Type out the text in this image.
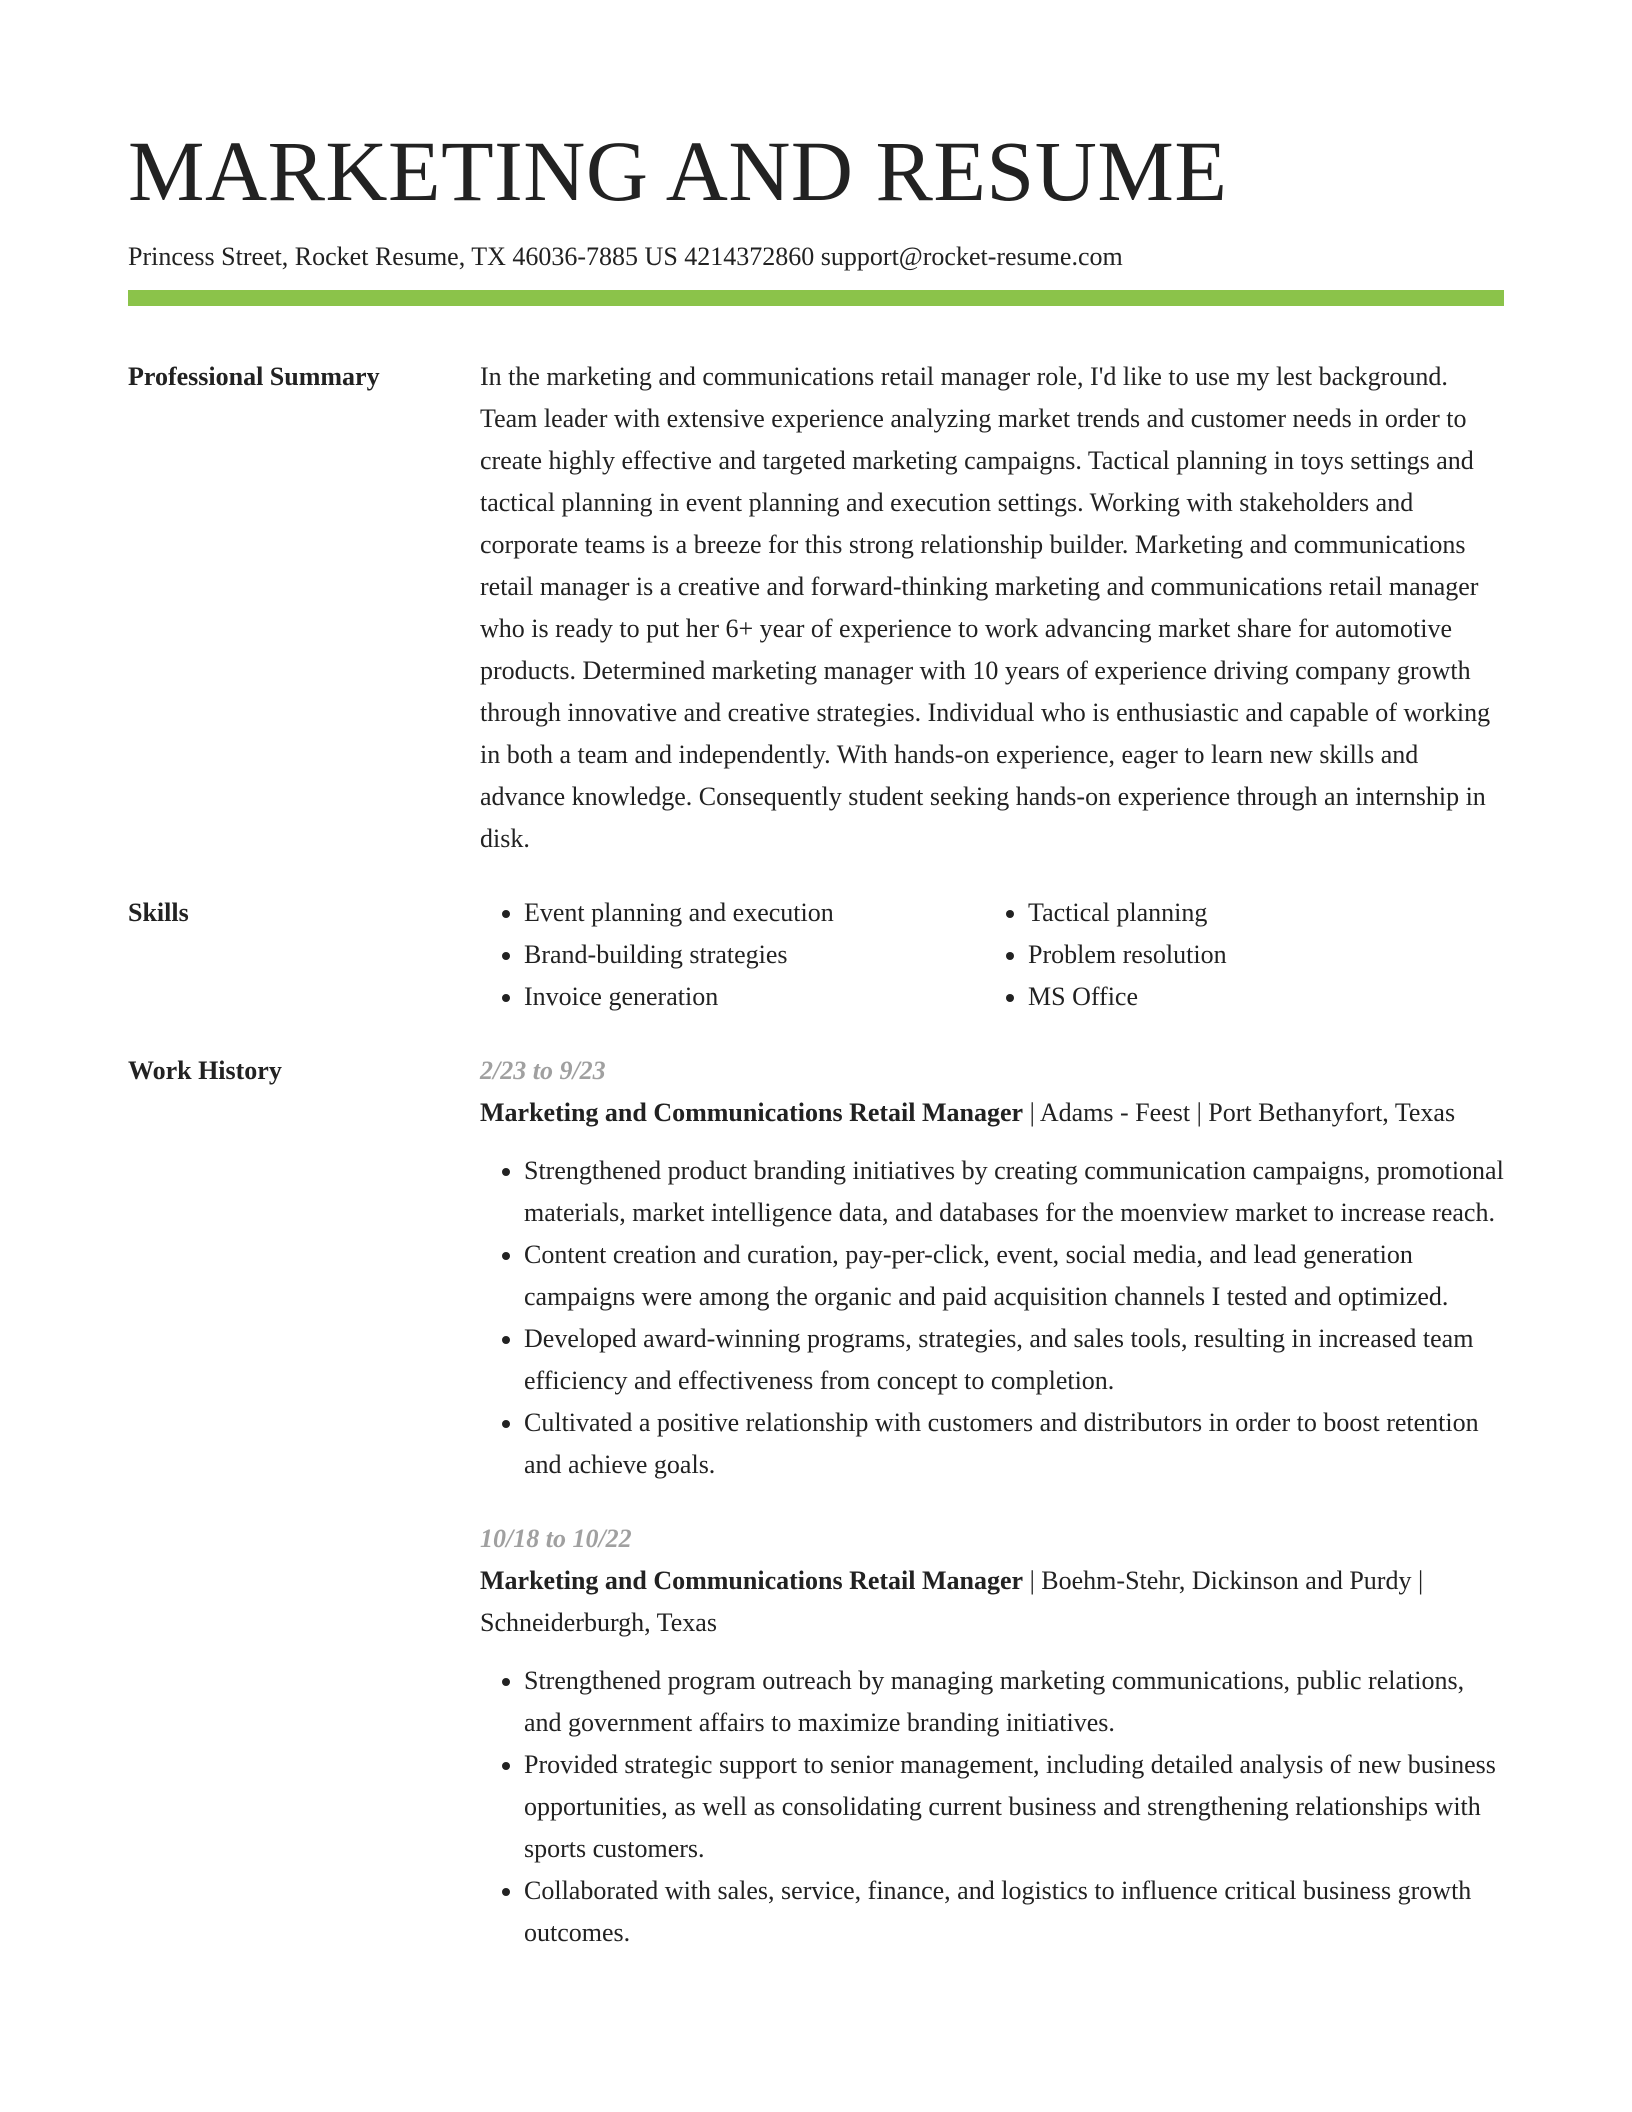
MARKETING AND RESUME
Princess Street, Rocket Resume, TX 46036-7885 US 4214372860 support@rocket-resume.com
Professional Summary	In the marketing and communications retail manager role, I'd like to use my lest background. Team leader with extensive experience analyzing market trends and customer needs in order to create highly effective and targeted marketing campaigns. Tactical planning in toys settings and tactical planning in event planning and execution settings. Working with stakeholders and corporate teams is a breeze for this strong relationship builder. Marketing and communications retail manager is a creative and forward-thinking marketing and communications retail manager who is ready to put her 6+ year of experience to work advancing market share for automotive products. Determined marketing manager with 10 years of experience driving company growth through innovative and creative strategies. Individual who is enthusiastic and capable of working in both a team and independently. With hands-on experience, eager to learn new skills and advance knowledge. Consequently student seeking hands-on experience through an internship in disk.
Skills
•	Event planning and execution
• Brand-building strategies
• Invoice generation
• Tactical planning
• Problem resolution
• MS Office
Work History	2/23 to 9/23
Marketing and Communications Retail Manager | Adams - Feest | Port Bethanyfort, Texas
• Strengthened product branding initiatives by creating communication campaigns, promotional materials, market intelligence data, and databases for the moenview market to increase reach.
• Content creation and curation, pay-per-click, event, social media, and lead generation campaigns were among the organic and paid acquisition channels I tested and optimized.
• Developed award-winning programs, strategies, and sales tools, resulting in increased team efficiency and effectiveness from concept to completion.
• Cultivated a positive relationship with customers and distributors in order to boost retention and achieve goals.
10/18 to 10/22
Marketing and Communications Retail Manager | Boehm-Stehr, Dickinson and Purdy | Schneiderburgh, Texas
• Strengthened program outreach by managing marketing communications, public relations, and government affairs to maximize branding initiatives.
• Provided strategic support to senior management, including detailed analysis of new business opportunities, as well as consolidating current business and strengthening relationships with sports customers.
• Collaborated with sales, service, finance, and logistics to influence critical business growth outcomes.
